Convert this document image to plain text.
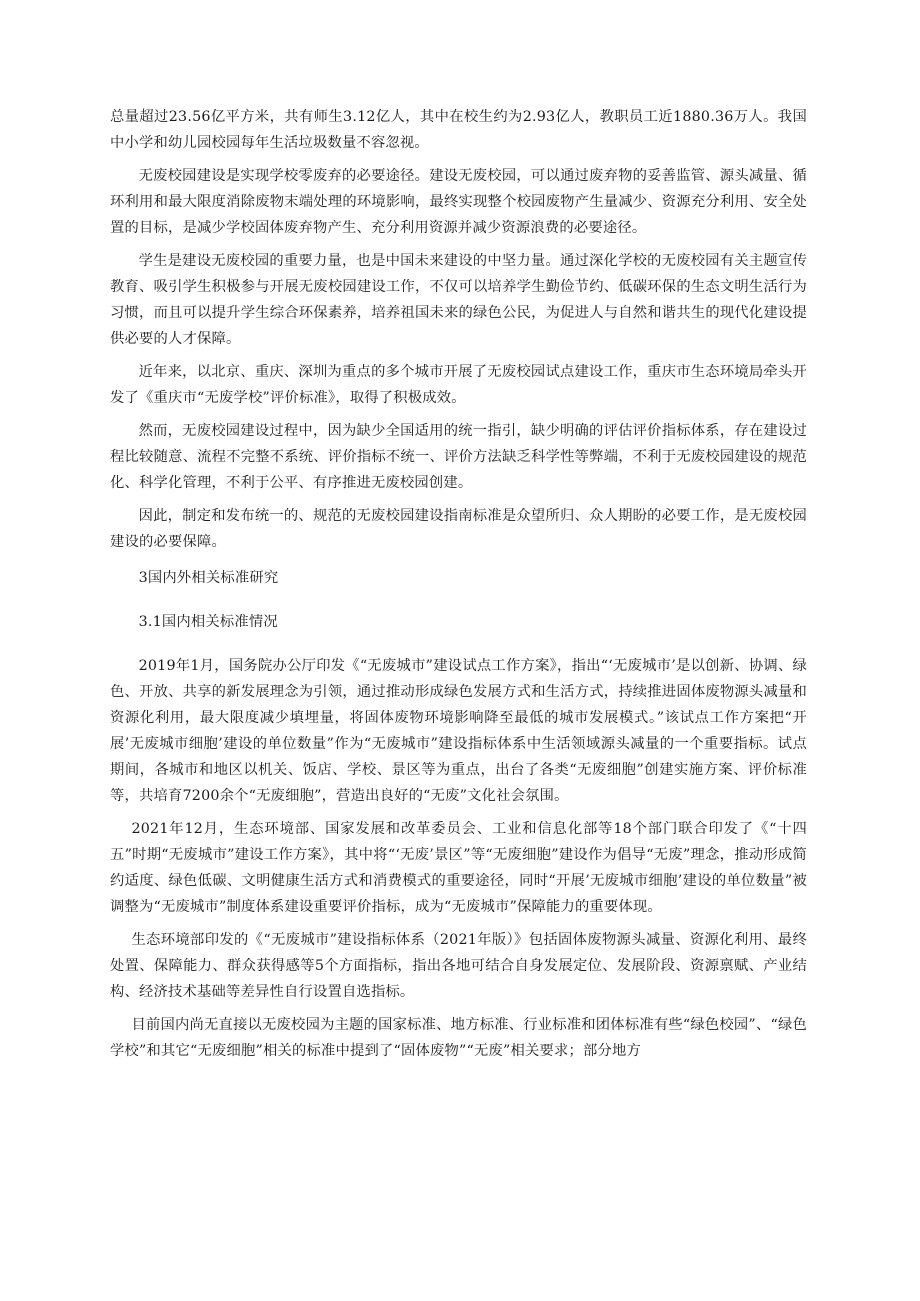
总量超过23.56亿平方米，共有师生3.12亿人，其中在校生约为2.93亿人，教职员工近1880.36万人。我国中小学和幼儿园校园每年生活垃圾数量不容忽视。

无废校园建设是实现学校零废弃的必要途径。建设无废校园，可以通过废弃物的妥善监管、源头减量、循环利用和最大限度消除废物末端处理的环境影响，最终实现整个校园废物产生量减少、资源充分利用、安全处置的目标，是减少学校固体废弃物产生、充分利用资源并减少资源浪费的必要途径。

学生是建设无废校园的重要力量，也是中国未来建设的中坚力量。通过深化学校的无废校园有关主题宣传教育、吸引学生积极参与开展无废校园建设工作，不仅可以培养学生勤俭节约、低碳环保的生态文明生活行为习惯，而且可以提升学生综合环保素养，培养祖国未来的绿色公民，为促进人与自然和谐共生的现代化建设提供必要的人才保障。

近年来，以北京、重庆、深圳为重点的多个城市开展了无废校园试点建设工作，重庆市生态环境局牵头开发了《重庆市“无废学校”评价标准》，取得了积极成效。

然而，无废校园建设过程中，因为缺少全国适用的统一指引，缺少明确的评估评价指标体系，存在建设过程比较随意、流程不完整不系统、评价指标不统一、评价方法缺乏科学性等弊端，不利于无废校园建设的规范化、科学化管理，不利于公平、有序推进无废校园创建。

因此，制定和发布统一的、规范的无废校园建设指南标准是众望所归、众人期盼的必要工作，是无废校园建设的必要保障。

3国内外相关标准研究

3.1国内相关标准情况

2019年1月，国务院办公厅印发《“无废城市”建设试点工作方案》，指出“‘无废城市’是以创新、协调、绿色、开放、共享的新发展理念为引领，通过推动形成绿色发展方式和生活方式，持续推进固体废物源头减量和资源化利用，最大限度减少填埋量，将固体废物环境影响降至最低的城市发展模式。”该试点工作方案把“开展’无废城市细胞’建设的单位数量”作为“无废城市”建设指标体系中生活领域源头减量的一个重要指标。试点期间，各城市和地区以机关、饭店、学校、景区等为重点，出台了各类“无废细胞”创建实施方案、评价标准等，共培育7200余个“无废细胞”，营造出良好的“无废”文化社会氛围。

2021年12月，生态环境部、国家发展和改革委员会、工业和信息化部等18个部门联合印发了《“十四五”时期“无废城市”建设工作方案》，其中将“‘无废’景区”等“无废细胞”建设作为倡导“无废”理念，推动形成简约适度、绿色低碳、文明健康生活方式和消费模式的重要途径，同时“开展’无废城市细胞’建设的单位数量”被调整为“无废城市”制度体系建设重要评价指标，成为“无废城市”保障能力的重要体现。

生态环境部印发的《“无废城市”建设指标体系（2021年版）》包括固体废物源头减量、资源化利用、最终处置、保障能力、群众获得感等5个方面指标，指出各地可结合自身发展定位、发展阶段、资源禀赋、产业结构、经济技术基础等差异性自行设置自选指标。

目前国内尚无直接以无废校园为主题的国家标准、地方标准、行业标准和团体标准有些“绿色校园”、“绿色学校”和其它“无废细胞”相关的标准中提到了“固体废物”“无废”相关要求；部分地方
